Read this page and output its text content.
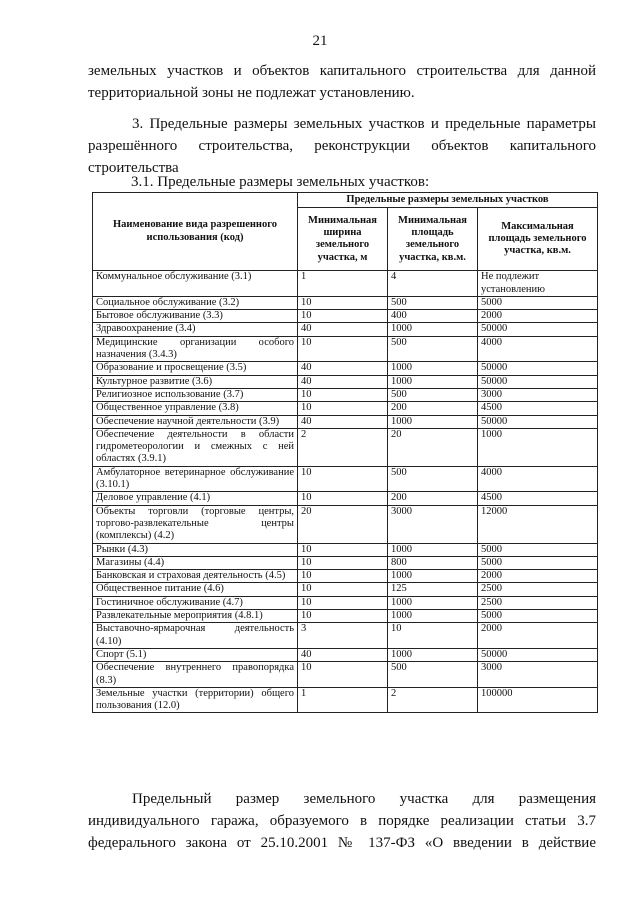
21
земельных участков и объектов капитального строительства для данной
территориальной зоны не подлежат установлению.
3. Предельные размеры земельных участков и предельные параметры
разрешённого строительства, реконструкции объектов капитального
строительства
3.1. Предельные размеры земельных участков:
Наименование вида разрешенного использования (код)	Предельные размеры земельных участков		
	Минимальная ширина земельного участка, м	Минимальная площадь земельного участка, кв.м.	Максимальная площадь земельного участка, кв.м.
Коммунальное обслуживание (3.1)	1	4	Не подлежит установлению
Социальное обслуживание (3.2)	10	500	5000
Бытовое обслуживание (3.3)	10	400	2000
Здравоохранение (3.4)	40	1000	50000
Медицинские организации особого назначения (3.4.3)	10	500	4000
Образование и просвещение (3.5)	40	1000	50000
Культурное развитие (3.6)	40	1000	50000
Религиозное использование (3.7)	10	500	3000
Общественное управление (3.8)	10	200	4500
Обеспечение научной деятельности (3.9)	40	1000	50000
Обеспечение деятельности в области гидрометеорологии и смежных с ней областях (3.9.1)	2	20	1000
Амбулаторное ветеринарное обслуживание (3.10.1)	10	500	4000
Деловое управление (4.1)	10	200	4500
Объекты торговли (торговые центры, торгово-развлекательные центры (комплексы) (4.2)	20	3000	12000
Рынки (4.3)	10	1000	5000
Магазины (4.4)	10	800	5000
Банковская и страховая деятельность (4.5)	10	1000	2000
Общественное питание (4.6)	10	125	2500
Гостиничное обслуживание (4.7)	10	1000	2500
Развлекательные мероприятия (4.8.1)	10	1000	5000
Выставочно-ярмарочная деятельность (4.10)	3	10	2000
Спорт (5.1)	40	1000	50000
Обеспечение внутреннего правопорядка (8.3)	10	500	3000
Земельные участки (территории) общего пользования (12.0)	1	2	100000
Предельный размер земельного участка для размещения
индивидуального гаража, образуемого в порядке реализации статьи 3.7
федерального закона от 25.10.2001 № 137-ФЗ «О введении в действие
